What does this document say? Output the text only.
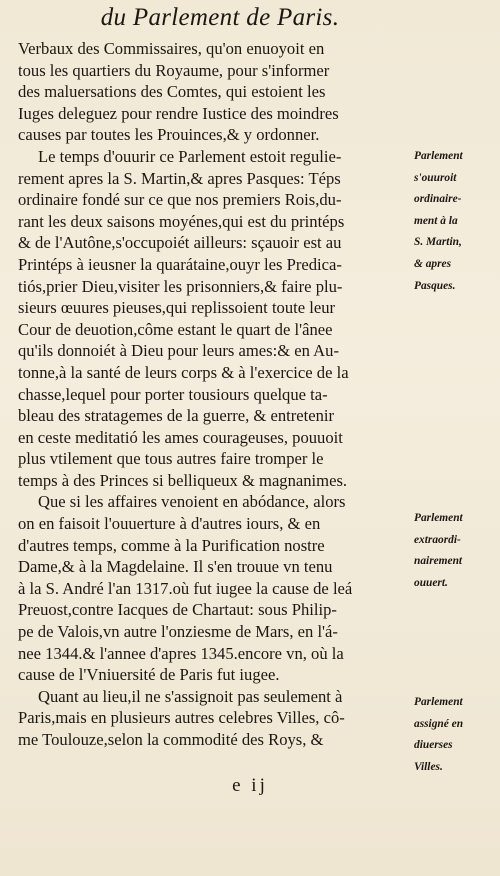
du Parlement de Paris.
Verbaux des Commissaires, qu'on enuoyoit en
tous les quartiers du Royaume, pour s'informer
des maluersations des Comtes, qui estoient les
Iuges deleguez pour rendre Iustice des moindres
causes par toutes les Prouinces,& y ordonner.
Le temps d'ouurir ce Parlement estoit regulie-
rement apres la S. Martin,& apres Pasques: Téps
ordinaire fondé sur ce que nos premiers Rois,du-
rant les deux saisons moyénes,qui est du printéps
& de l'Autône,s'occupoiét ailleurs: sçauoir est au
Printéps à ieusner la quarátaine,ouyr les Predica-
tiós,prier Dieu,visiter les prisonniers,& faire plu-
sieurs œuures pieuses,qui replissoient toute leur
Cour de deuotion,côme estant le quart de l'ânee
qu'ils donnoiét à Dieu pour leurs ames:& en Au-
tonne,à la santé de leurs corps & à l'exercice de la
chasse,lequel pour porter tousiours quelque ta-
bleau des stratagemes de la guerre, & entretenir
en ceste meditatió les ames courageuses, pouuoit
plus vtilement que tous autres faire tromper le
temps à des Princes si belliqueux & magnanimes.
Que si les affaires venoient en abódance, alors
on en faisoit l'ouuerture à d'autres iours, & en
d'autres temps, comme à la Purification nostre
Dame,& à la Magdelaine. Il s'en trouue vn tenu
à la S. André l'an 1317.où fut iugee la cause de leá
Preuost,contre Iacques de Chartaut: sous Philip-
pe de Valois,vn autre l'onziesme de Mars, en l'á-
nee 1344.& l'annee d'apres 1345.encore vn, où la
cause de l'Vniuersité de Paris fut iugee.
Quant au lieu,il ne s'assignoit pas seulement à
Paris,mais en plusieurs autres celebres Villes, cô-
me Toulouze,selon la commodité des Roys, &
Parlement
s'ouuroit
ordinaire-
ment à la
S. Martin,
& apres
Pasques.
Parlement
extraordi-
nairement
ouuert.
Parlement
assigné en
diuerses
Villes.
e ij
